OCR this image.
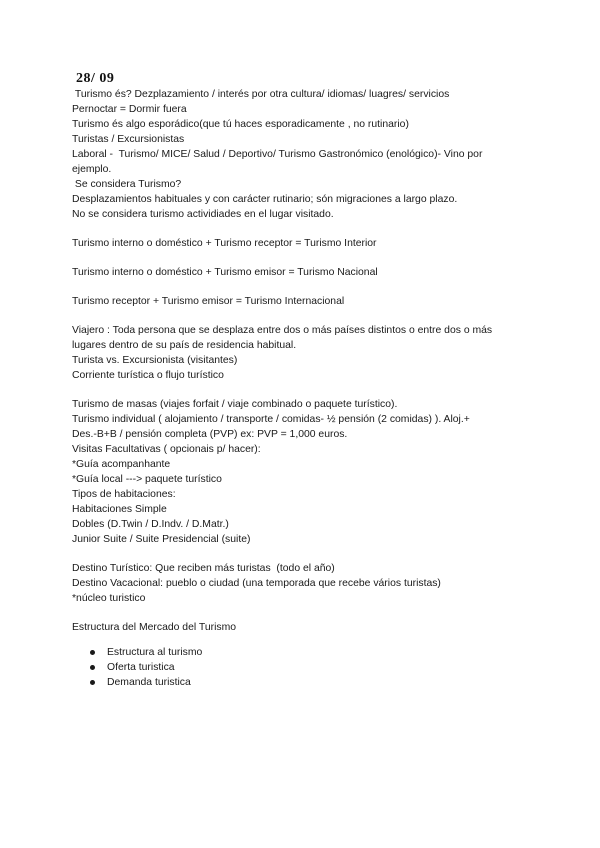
28/ 09

Turismo és? Dezplazamiento / interés por otra cultura/ idiomas/ luagres/ servicios

Pernoctar = Dormir fuera

Turismo és algo esporádico(que tú haces esporadicamente , no rutinario)

Turistas / Excursionistas

Laboral -  Turismo/ MICE/ Salud / Deportivo/ Turismo Gastronómico (enológico)- Vino por

ejemplo.

Se considera Turismo?

Desplazamientos habituales y con carácter rutinario; són migraciones a largo plazo.

No se considera turismo actividiades en el lugar visitado.

Turismo interno o doméstico + Turismo receptor = Turismo Interior

Turismo interno o doméstico + Turismo emisor = Turismo Nacional

Turismo receptor + Turismo emisor = Turismo Internacional

Viajero : Toda persona que se desplaza entre dos o más países distintos o entre dos o más

lugares dentro de su país de residencia habitual.

Turista vs. Excursionista (visitantes)

Corriente turística o flujo turístico

Turismo de masas (viajes forfait / viaje combinado o paquete turístico).

Turismo individual ( alojamiento / transporte / comidas- ½ pensión (2 comidas) ). Aloj.+

Des.-B+B / pensión completa (PVP) ex: PVP = 1,000 euros.

Visitas Facultativas ( opcionais p/ hacer):

*Guía acompanhante

*Guía local ---> paquete turístico

Tipos de habitaciones:

Habitaciones Simple

Dobles (D.Twin / D.Indv. / D.Matr.)

Junior Suite / Suite Presidencial (suite)

Destino Turístico: Que reciben más turistas  (todo el año)

Destino Vacacional: pueblo o ciudad (una temporada que recebe vários turistas)

*núcleo turistico

Estructura del Mercado del Turismo

Estructura al turismo
Oferta turistica
Demanda turistica
